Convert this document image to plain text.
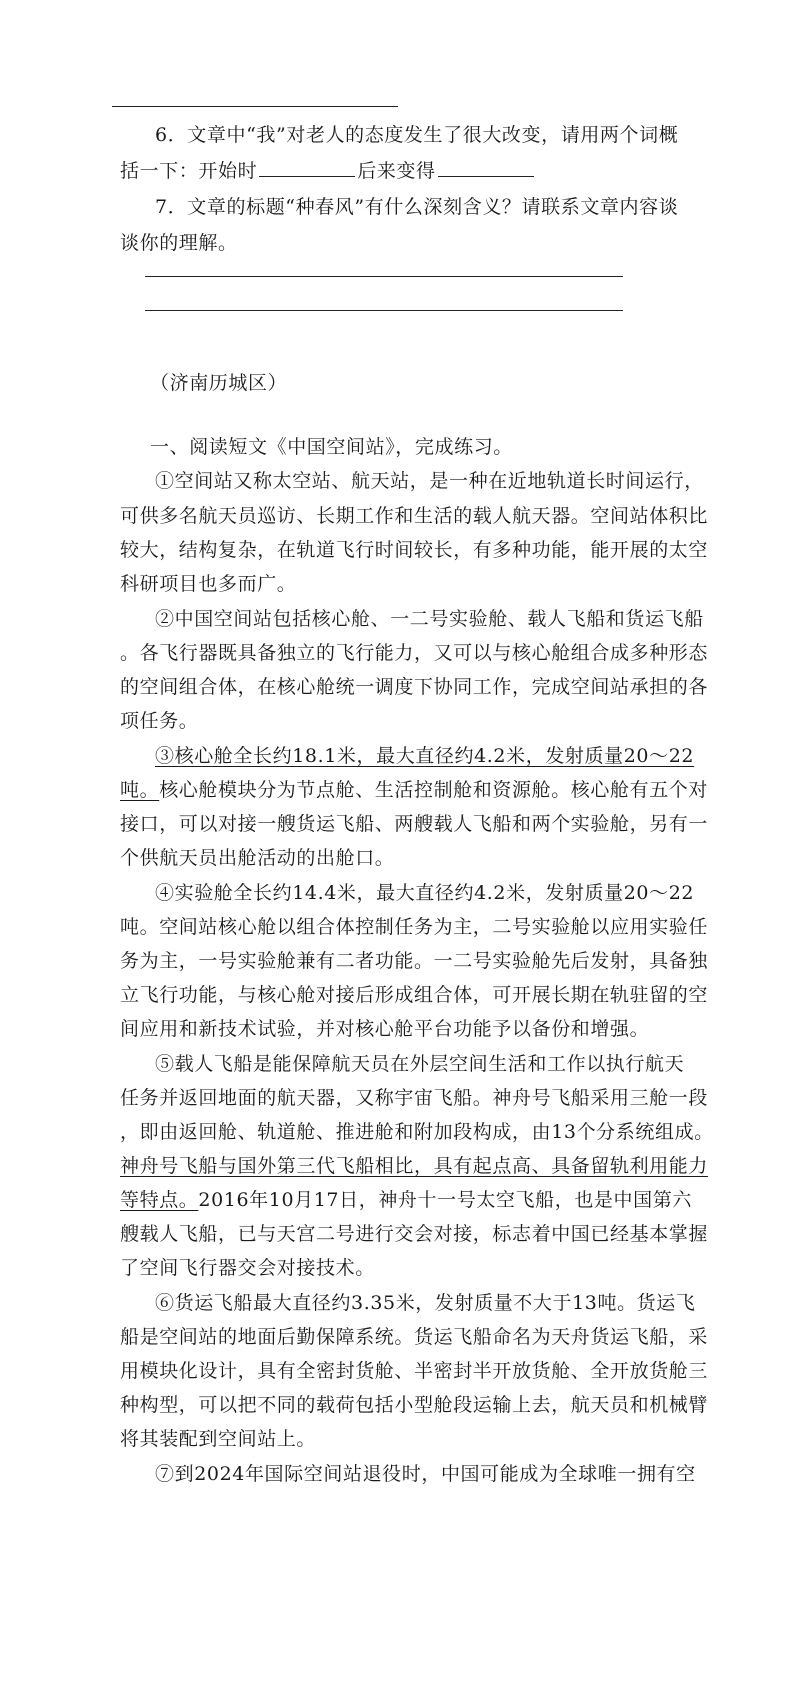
6．文章中“我”对老人的态度发生了很大改变，请用两个词概
括一下：开始时	后来变得
7．文章的标题“种春风”有什么深刻含义？请联系文章内容谈
谈你的理解。
（济南历城区）
一、阅读短文《中国空间站》，完成练习。
①空间站又称太空站、航天站，是一种在近地轨道长时间运行，
可供多名航天员巡访、长期工作和生活的载人航天器。空间站体积比
较大，结构复杂，在轨道飞行时间较长，有多种功能，能开展的太空
科研项目也多而广。
②中国空间站包括核心舱、一二号实验舱、载人飞船和货运飞船
。各飞行器既具备独立的飞行能力，又可以与核心舱组合成多种形态
的空间组合体，在核心舱统一调度下协同工作，完成空间站承担的各
项任务。
③核心舱全长约18.1米，最大直径约4.2米，发射质量20～22
吨。核心舱模块分为节点舱、生活控制舱和资源舱。核心舱有五个对
接口，可以对接一艘货运飞船、两艘载人飞船和两个实验舱，另有一
个供航天员出舱活动的出舱口。
④实验舱全长约14.4米，最大直径约4.2米，发射质量20～22
吨。空间站核心舱以组合体控制任务为主，二号实验舱以应用实验任
务为主，一号实验舱兼有二者功能。一二号实验舱先后发射，具备独
立飞行功能，与核心舱对接后形成组合体，可开展长期在轨驻留的空
间应用和新技术试验，并对核心舱平台功能予以备份和增强。
⑤载人飞船是能保障航天员在外层空间生活和工作以执行航天
任务并返回地面的航天器，又称宇宙飞船。神舟号飞船采用三舱一段
，即由返回舱、轨道舱、推进舱和附加段构成，由13个分系统组成。
神舟号飞船与国外第三代飞船相比，具有起点高、具备留轨利用能力
等特点。2016年10月17日，神舟十一号太空飞船，也是中国第六
艘载人飞船，已与天宫二号进行交会对接，标志着中国已经基本掌握
了空间飞行器交会对接技术。
⑥货运飞船最大直径约3.35米，发射质量不大于13吨。货运飞
船是空间站的地面后勤保障系统。货运飞船命名为天舟货运飞船，采
用模块化设计，具有全密封货舱、半密封半开放货舱、全开放货舱三
种构型，可以把不同的载荷包括小型舱段运输上去，航天员和机械臂
将其装配到空间站上。
⑦到2024年国际空间站退役时，中国可能成为全球唯一拥有空
